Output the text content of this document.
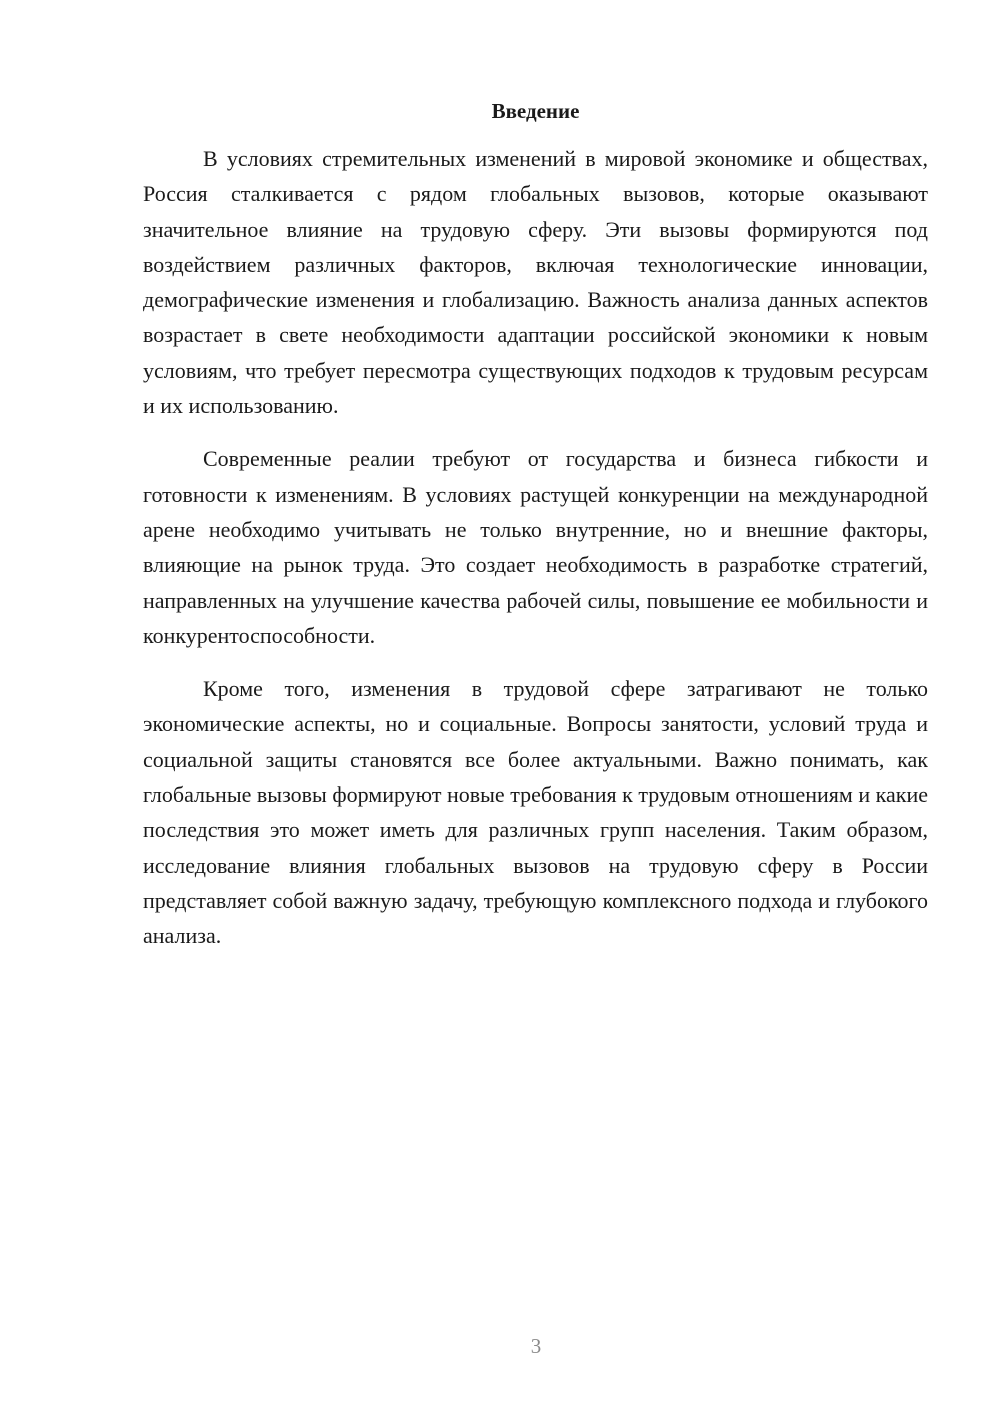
Введение

В условиях стремительных изменений в мировой экономике и обществах, Россия сталкивается с рядом глобальных вызовов, которые оказывают значительное влияние на трудовую сферу. Эти вызовы формируются под воздействием различных факторов, включая технологические инновации, демографические изменения и глобализацию. Важность анализа данных аспектов возрастает в свете необходимости адаптации российской экономики к новым условиям, что требует пересмотра существующих подходов к трудовым ресурсам и их использованию.

Современные реалии требуют от государства и бизнеса гибкости и готовности к изменениям. В условиях растущей конкуренции на международной арене необходимо учитывать не только внутренние, но и внешние факторы, влияющие на рынок труда. Это создает необходимость в разработке стратегий, направленных на улучшение качества рабочей силы, повышение ее мобильности и конкурентоспособности.

Кроме того, изменения в трудовой сфере затрагивают не только экономические аспекты, но и социальные. Вопросы занятости, условий труда и социальной защиты становятся все более актуальными. Важно понимать, как глобальные вызовы формируют новые требования к трудовым отношениям и какие последствия это может иметь для различных групп населения. Таким образом, исследование влияния глобальных вызовов на трудовую сферу в России представляет собой важную задачу, требующую комплексного подхода и глубокого анализа.

3
